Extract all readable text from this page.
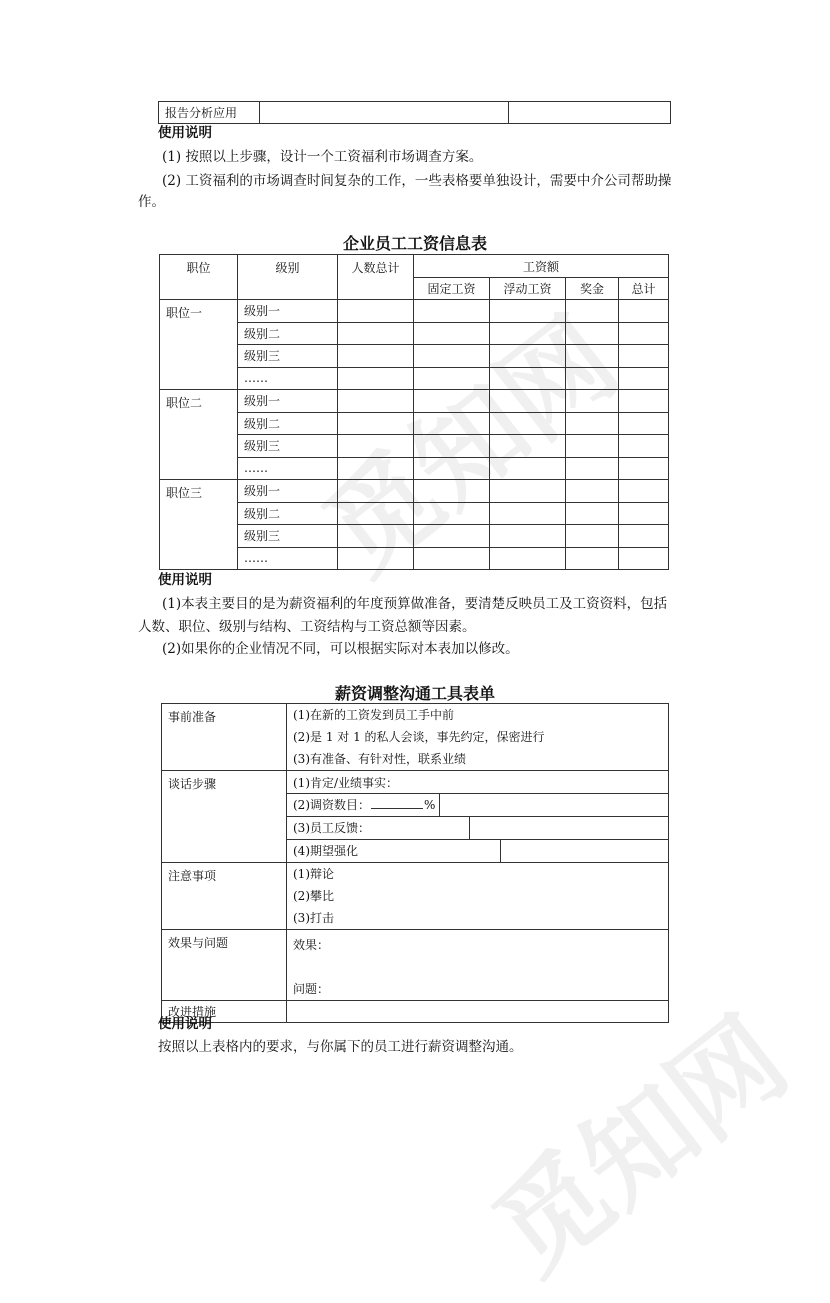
觅知网
觅知网
报告分析应用		
使用说明
(1) 按照以上步骤，设计一个工资福利市场调查方案。
(2) 工资福利的市场调查时间复杂的工作，一些表格要单独设计，需要中介公司帮助操
作。
企业员工工资信息表
职位	级别	人数总计	工资额			
			固定工资	浮动工资	奖金	总计
职位一	级别一					
	级别二					
	级别三					
	……					
职位二	级别一					
	级别二					
	级别三					
	……					
职位三	级别一					
	级别二					
	级别三					
	……					
使用说明
(1)本表主要目的是为薪资福利的年度预算做准备，要清楚反映员工及工资资料，包括
人数、职位、级别与结构、工资结构与工资总额等因素。
(2)如果你的企业情况不同，可以根据实际对本表加以修改。
薪资调整沟通工具表单
事前准备	(1)在新的工资发到员工手中前
(2)是 1 对 1 的私人会谈，事先约定，保密进行
(3)有准备、有针对性，联系业绩

谈话步骤	(1)肯定/业绩事实：
	(2)调资数目： %
	(3)员工反馈：
	(4)期望强化
注意事项	(1)辩论
(2)攀比
(3)打击

效果与问题	效果：
问题：

改进措施	
使用说明
按照以上表格内的要求，与你属下的员工进行薪资调整沟通。
